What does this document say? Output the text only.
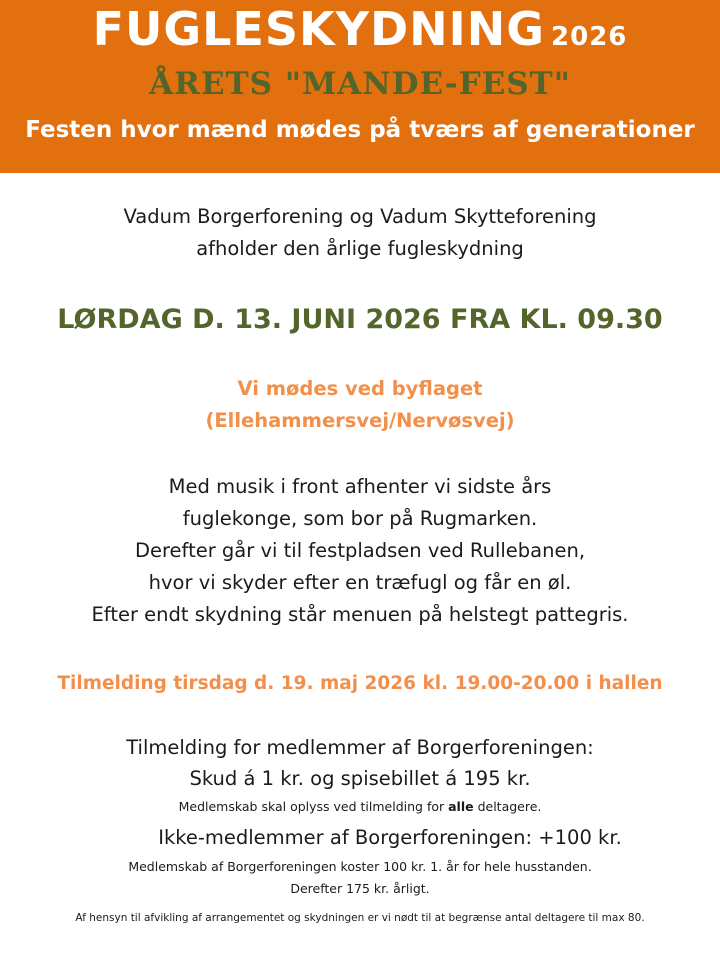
FUGLESKYDNING 2026
ÅRETS "MANDE-FEST"
Festen hvor mænd mødes på tværs af generationer
Vadum Borgerforening og Vadum Skytteforening
afholder den årlige fugleskydning
LØRDAG D. 13. JUNI 2026 FRA KL. 09.30
Vi mødes ved byflaget
(Ellehammersvej/Nervøsvej)
Med musik i front afhenter vi sidste års
fuglekonge, som bor på Rugmarken.
Derefter går vi til festpladsen ved Rullebanen,
hvor vi skyder efter en træfugl og får en øl.
Efter endt skydning står menuen på helstegt pattegris.
Tilmelding tirsdag d. 19. maj 2026 kl. 19.00-20.00 i hallen
Tilmelding for medlemmer af Borgerforeningen:
Skud á 1 kr. og spisebillet á 195 kr.
Medlemskab skal oplyss ved tilmelding for alle deltagere.
Ikke-medlemmer af Borgerforeningen: +100 kr.
Medlemskab af Borgerforeningen koster 100 kr. 1. år for hele husstanden.
Derefter 175 kr. årligt.
Af hensyn til afvikling af arrangementet og skydningen er vi nødt til at begrænse antal deltagere til max 80.
